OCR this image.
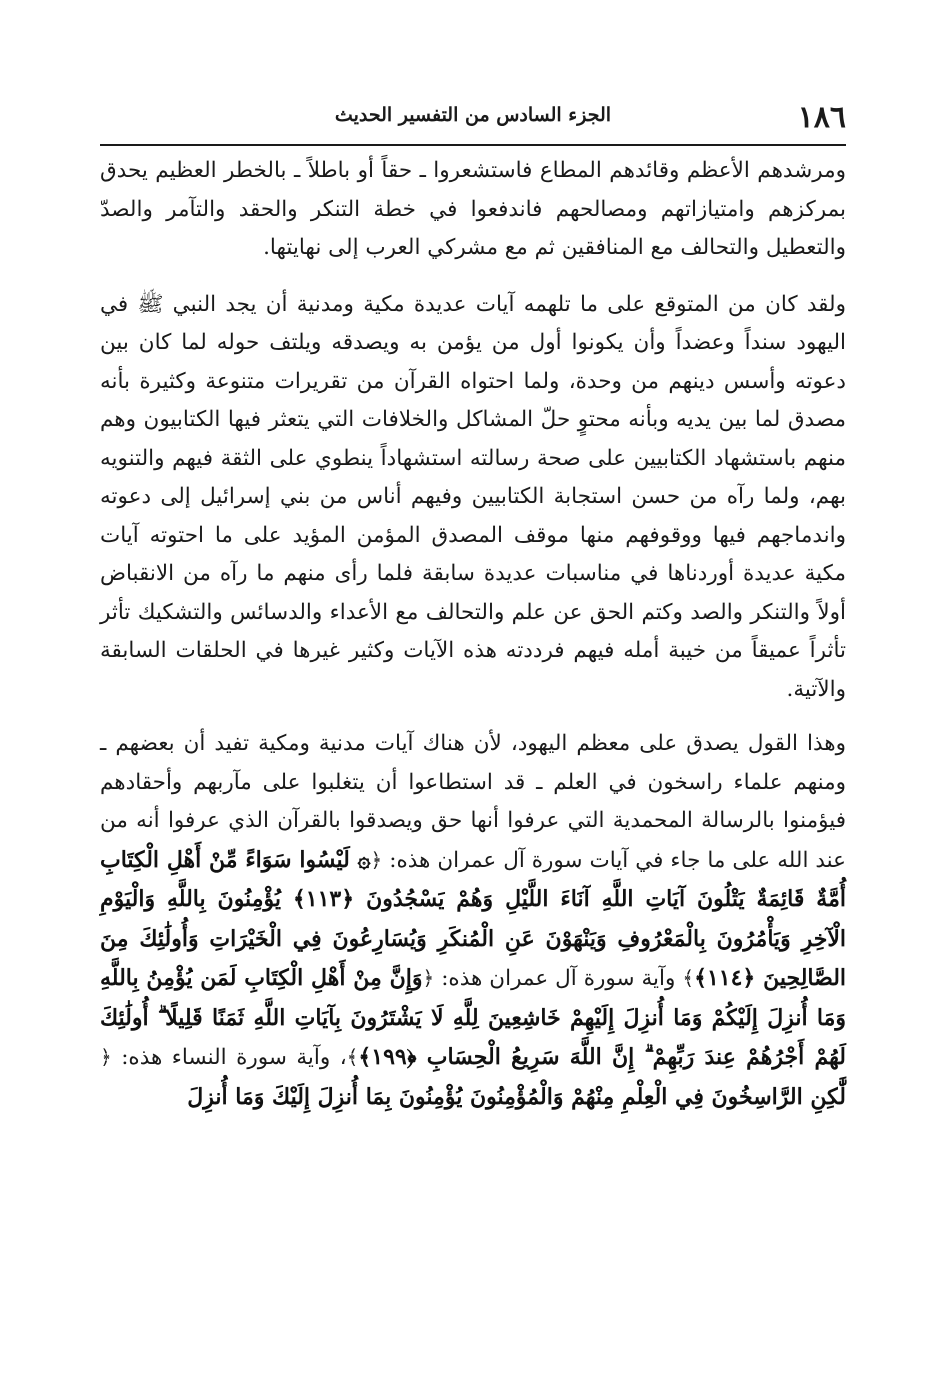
١٨٦
الجزء السادس من التفسير الحديث

ومرشدهم الأعظم وقائدهم المطاع فاستشعروا ـ حقاً أو باطلاً ـ بالخطر العظيم يحدق بمركزهم وامتيازاتهم ومصالحهم فاندفعوا في خطة التنكر والحقد والتآمر والصدّ والتعطيل والتحالف مع المنافقين ثم مع مشركي العرب إلى نهايتها.

ولقد كان من المتوقع على ما تلهمه آيات عديدة مكية ومدنية أن يجد النبي ﷺ في اليهود سنداً وعضداً وأن يكونوا أول من يؤمن به ويصدقه ويلتف حوله لما كان بين دعوته وأسس دينهم من وحدة، ولما احتواه القرآن من تقريرات متنوعة وكثيرة بأنه مصدق لما بين يديه وبأنه محتوٍ حلّ المشاكل والخلافات التي يتعثر فيها الكتابيون وهم منهم باستشهاد الكتابيين على صحة رسالته استشهاداً ينطوي على الثقة فيهم والتنويه بهم، ولما رآه من حسن استجابة الكتابيين وفيهم أناس من بني إسرائيل إلى دعوته واندماجهم فيها ووقوفهم منها موقف المصدق المؤمن المؤيد على ما احتوته آيات مكية عديدة أوردناها في مناسبات عديدة سابقة فلما رأى منهم ما رآه من الانقباض أولاً والتنكر والصد وكتم الحق عن علم والتحالف مع الأعداء والدسائس والتشكيك تأثر تأثراً عميقاً من خيبة أمله فيهم فرددته هذه الآيات وكثير غيرها في الحلقات السابقة والآتية.

وهذا القول يصدق على معظم اليهود، لأن هناك آيات مدنية ومكية تفيد أن بعضهم ـ ومنهم علماء راسخون في العلم ـ قد استطاعوا أن يتغلبوا على مآربهم وأحقادهم فيؤمنوا بالرسالة المحمدية التي عرفوا أنها حق ويصدقوا بالقرآن الذي عرفوا أنه من عند الله على ما جاء في آيات سورة آل عمران هذه: ﴿۞ لَيْسُوا سَوَاءً مِّنْ أَهْلِ الْكِتَابِ أُمَّةٌ قَائِمَةٌ يَتْلُونَ آيَاتِ اللَّهِ آنَاءَ اللَّيْلِ وَهُمْ يَسْجُدُونَ ﴿١١٣﴾ يُؤْمِنُونَ بِاللَّهِ وَالْيَوْمِ الْآخِرِ وَيَأْمُرُونَ بِالْمَعْرُوفِ وَيَنْهَوْنَ عَنِ الْمُنكَرِ وَيُسَارِعُونَ فِي الْخَيْرَاتِ وَأُولَٰئِكَ مِنَ الصَّالِحِينَ ﴿١١٤﴾﴾ وآية سورة آل عمران هذه: ﴿وَإِنَّ مِنْ أَهْلِ الْكِتَابِ لَمَن يُؤْمِنُ بِاللَّهِ وَمَا أُنزِلَ إِلَيْكُمْ وَمَا أُنزِلَ إِلَيْهِمْ خَاشِعِينَ لِلَّهِ لَا يَشْتَرُونَ بِآيَاتِ اللَّهِ ثَمَنًا قَلِيلًا ۗ أُولَٰئِكَ لَهُمْ أَجْرُهُمْ عِندَ رَبِّهِمْ ۗ إِنَّ اللَّهَ سَرِيعُ الْحِسَابِ ﴿١٩٩﴾﴾، وآية سورة النساء هذه: ﴿ لَّٰكِنِ الرَّاسِخُونَ فِي الْعِلْمِ مِنْهُمْ وَالْمُؤْمِنُونَ يُؤْمِنُونَ بِمَا أُنزِلَ إِلَيْكَ وَمَا أُنزِلَ
